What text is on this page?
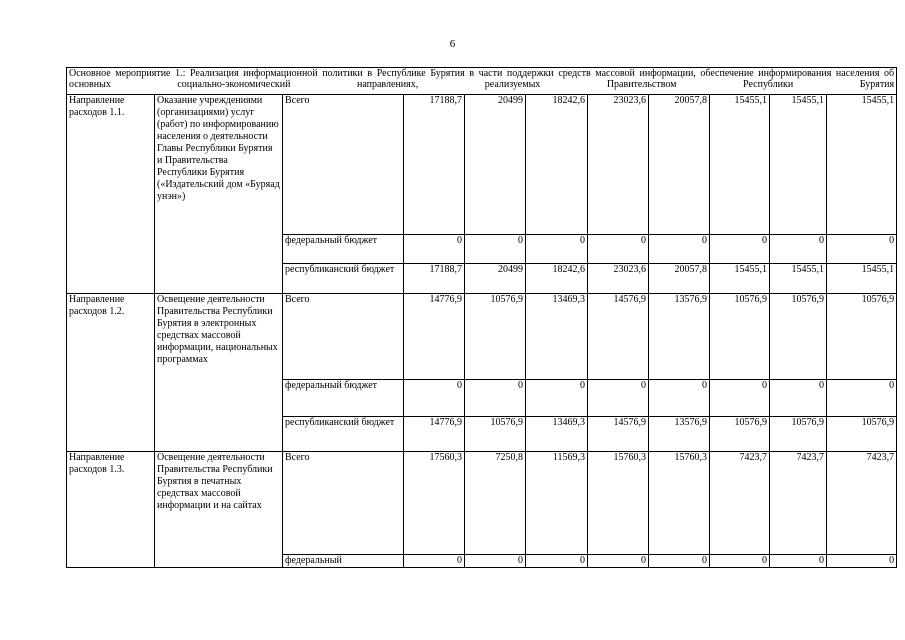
6
Основное мероприятие 1.: Реализация информационной политики в Республике Бурятия в части поддержки средств массовой информации, обеспечение информирования населения об основных социально-экономический направлениях, реализуемых Правительством Республики Бурятия										
Направление расходов 1.1.	Оказание учреждениями (организациями) услуг (работ) по информированию населения о деятельности Главы Республики Бурятия и Правительства Республики Бурятия («Издательский дом «Буряад унэн»)	Всего	17188,7	20499	18242,6	23023,6	20057,8	15455,1	15455,1	15455,1
		федеральный бюджет	0	0	0	0	0	0	0	0
		республиканский бюджет	17188,7	20499	18242,6	23023,6	20057,8	15455,1	15455,1	15455,1
Направление расходов 1.2.	Освещение деятельности Правительства Республики Бурятия в электронных средствах массовой информации, национальных программах	Всего	14776,9	10576,9	13469,3	14576,9	13576,9	10576,9	10576,9	10576,9
		федеральный бюджет	0	0	0	0	0	0	0	0
		республиканский бюджет	14776,9	10576,9	13469,3	14576,9	13576,9	10576,9	10576,9	10576,9
Направление расходов 1.3.	Освещение деятельности Правительства Республики Бурятия в печатных средствах массовой информации и на сайтах	Всего	17560,3	7250,8	11569,3	15760,3	15760,3	7423,7	7423,7	7423,7
		федеральный	0	0	0	0	0	0	0	0
